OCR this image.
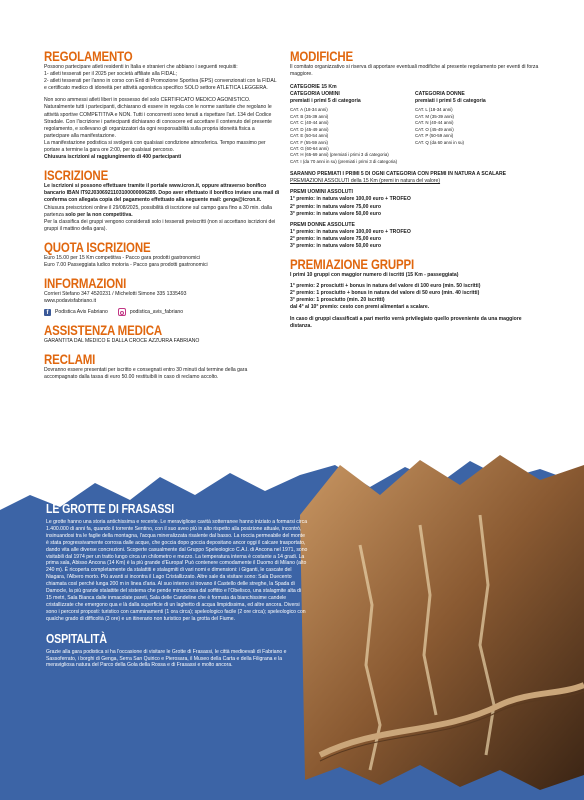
REGOLAMENTO

Possono partecipare atleti residenti in Italia e stranieri che abbiano i seguenti requisiti:

1- atleti tesserati per il 2025 per società affiliate alla FIDAL;

2- atleti tesserati per l'anno in corso con Enti di Promozione Sportiva (EPS) convenzionati con la FIDAL e certificato medico di idoneità per attività agonistica specifico SOLO settore ATLETICA LEGGERA.

Non sono ammessi atleti liberi in possesso del solo CERTIFICATO MEDICO AGONISTICO. Naturalmente tutti i partecipanti, dichiarano di essere in regola con le norme sanitarie che regolano le attività sportive COMPETITIVA e NON. Tutti i concorrenti sono tenuti a rispettare l'art. 134 del Codice Stradale. Con l'iscrizione i partecipanti dichiarano di conoscere ed accettare il contenuto del presente regolamento, e sollevano gli organizzatori da ogni responsabilità sulla propria idoneità fisica a partecipare alla manifestazione.

La manifestazione podistica si svolgerà con qualsiasi condizione atmosferica. Tempo massimo per portare a termine la gara ore 2:00, per qualsiasi percorso.

Chiusura iscrizioni al raggiungimento di 400 partecipanti

ISCRIZIONE

Le iscrizioni si possono effettuare tramite il portale www.icron.it, oppure attraverso bonifico bancario IBAN IT92J0306921103100000006289. Dopo aver effettuato il bonifico inviare una mail di conferma con allegata copia del pagamento effettuato alla seguente mail: genga@icron.it.

Chiusura preiscrizioni online il 29/08/2025, possibilità di iscrizione sul campo gara fino a 30 min. dalla partenza solo per la non competitiva.

Per la classifica dei gruppi vengono considerati solo i tesserati preiscritti (non si accettano iscrizioni dei gruppi il mattino della gara).

QUOTA ISCRIZIONE

Euro 15.00 per 15 Km competitiva - Pacco gara prodotti gastronomici

Euro 7.00 Passeggiata ludico motoria - Pacco gara prodotti gastronomici

INFORMAZIONI

Corrieri Stefano 347 4520231 / Michelotti Simone 335 1335493

www.podavisfabriano.it

f	Podistica Avis Fabriano	podistica_avis_fabriano
ASSISTENZA MEDICA

GARANTITA DAL MEDICO E DALLA CROCE AZZURRA FABRIANO

RECLAMI

Dovranno essere presentati per iscritto e consegnati entro 30 minuti dal termine della gara accompagnato dalla tassa di euro 50.00 restituibili in caso di reclamo accolto.

MODIFICHE

Il comitato organizzativo si riserva di apportare eventuali modifiche al presente regolamento per eventi di forza maggiore.

CATEGORIE 15 Km

CATEGORIA UOMINI

premiati i primi 5 di categoria

CAT. A (18-34 anni)
CAT. B (35-39 anni)
CAT. C (40-44 anni)
CAT. D (45-49 anni)
CAT. E (50-54 anni)
CAT. F (55-59 anni)
CAT. G (60-64 anni)

CATEGORIA DONNE

premiati i primi 5 di categoria

CAT. L (18-34 anni)
CAT. M (35-39 anni)
CAT. N (40-44 anni)
CAT. O (45-49 anni)
CAT. P (50-59 anni)
CAT. Q (da 60 anni in su)
CAT. H (65-69 anni) (premiati i primi 3 di categoria)
CAT. I (da 70 anni in su) (premiati i primi 3 di categoria)

SARANNO PREMIATI I PRIMI 5 DI OGNI CATEGORIA CON PREMI IN NATURA A SCALARE

PREMIAZIONI ASSOLUTI della 15 Km (premi in natura del valore)

PREMI UOMINI ASSOLUTI

1° premio: in natura valore 100,00 euro + TROFEO

2° premio: in natura valore 75,00 euro

3° premio: in natura valore 50,00 euro

PREMI DONNE ASSOLUTE

1° premio: in natura valore 100,00 euro + TROFEO

2° premio: in natura valore 75,00 euro

3° premio: in natura valore 50,00 euro

PREMIAZIONE GRUPPI

I primi 10 gruppi con maggior numero di iscritti (15 Km - passeggiata)

1° premio: 2 prosciutti + bonus in natura del valore di 100 euro (min. 50 iscritti)

2° premio: 1 prosciutto + bonus in natura del valore di 50 euro (min. 40 iscritti)

3° premio: 1 prosciutto (min. 20 iscritti)

dal 4° al 10° premio: cesto con premi alimentari a scalare.

In caso di gruppi classificati a pari merito verrà privilegiato quello proveniente da una maggiore distanza.

LE GROTTE DI FRASASSI

Le grotte hanno una storia antichissima e recente. Le meravigliose cavità sotterranee hanno iniziato a formarsi circa 1.400.000 di anni fa, quando il torrente Sentino, con il suo aveo più in alto rispetto alla posizione attuale, incontrò, insinuandosi tra le faglie della montagna, l'acqua mineralizzata risalente dal basso. La roccia permeabile del monte è stata progressivamente corrosa dalle acque, che goccia dopo goccia depositano ancor oggi il calcare trasportato, dando vita alle diverse concrezioni. Scoperte casualmente dal Gruppo Speleologico C.A.I. di Ancona nel 1971, sono visitabili dal 1974 per un tratto lungo circa un chilometro e mezzo. La temperatura interna è costante a 14 gradi. La prima sala, Abisso Ancona (14 Km) è la più grande d'Europa! Può contenere comodamente il Duomo di Milano (alto 240 m). È ricoperta completamente da stalattiti e stalagmiti di vari nomi e dimensioni: i Giganti, le cascate del Niagara, l'Albero morto. Più avanti si incontra il Lago Cristallizzato. Altre sale da visitare sono: Sala Duecento chiamata così perché lunga 200 m in linea d'aria. Al suo interno si trovano il Castello delle streghe, la Spada di Damocle, la più grande stalattite del sistema che pende minacciosa dal soffitto e l'Obelisco, una stalagmite alta di 15 metri, Sala Bianca dalle inmacolate pareti, Sala delle Candeline che è formata da bianchissime candele cristallizzate che emergono qua e là dalla superficie di un laghetto di acqua limpidissima, ed altre ancora. Diversi sono i percorsi proposti: turistico con camminamenti (1 ora circa); speleologico facile (2 ore circa); speleologico con qualche grado di difficoltà (3 ore) e un itinerario non turistico per la grotta del Fiume.

OSPITALITÀ

Grazie alla gara podistica si ha l'occasione di visitare le Grotte di Frasassi, le città medioevali di Fabriano e Sassoferrato, i borghi di Genga, Serra San Quirico e Pierosara, il Museo della Carta e della Filigrana e la meravigliosa natura del Parco della Gola della Rossa e di Frasassi e molto ancora.
